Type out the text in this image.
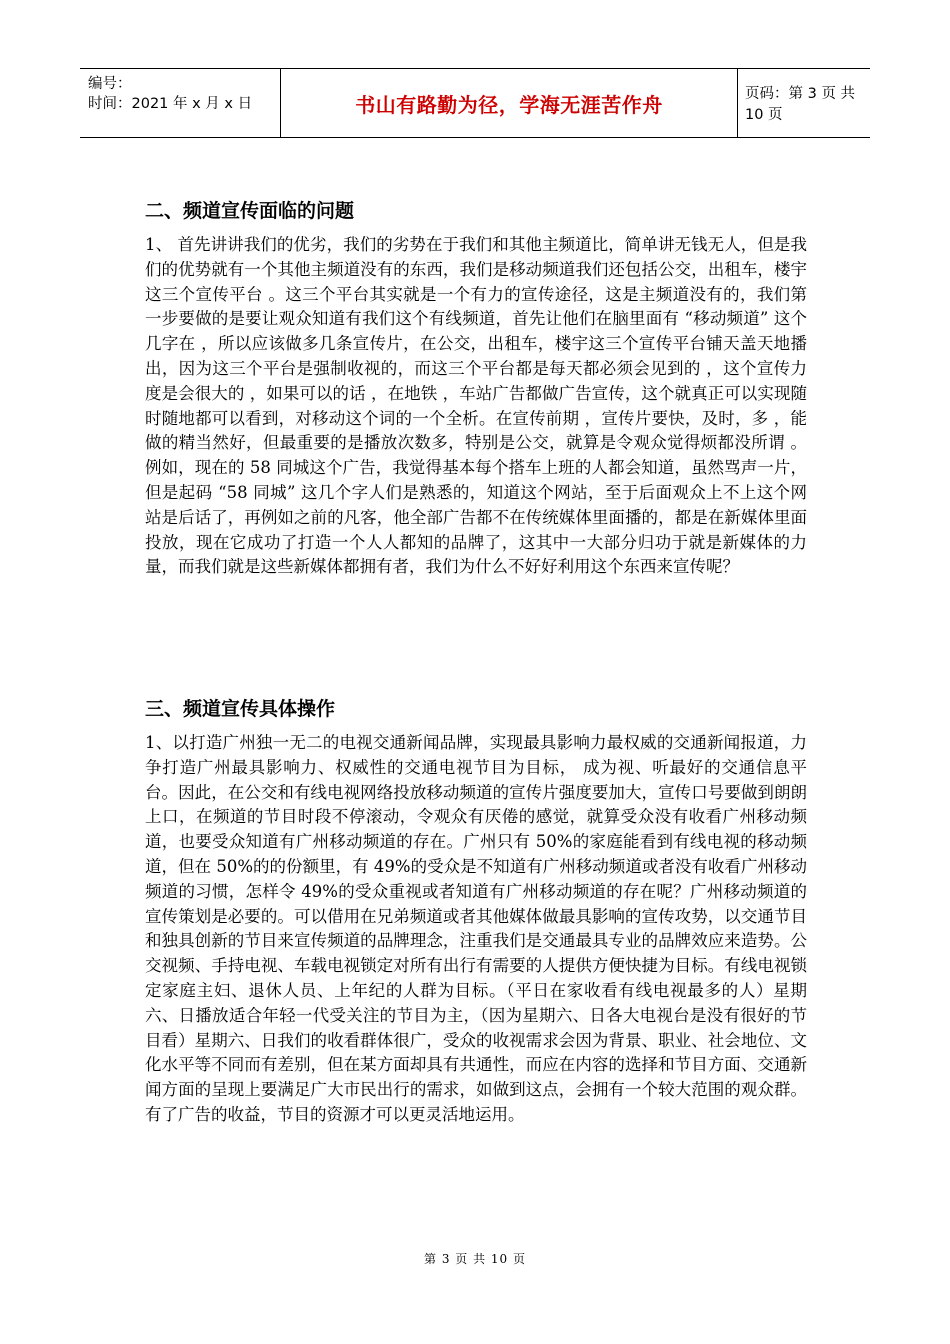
编号：
时间：2021 年 x 月 x 日	书山有路勤为径，学海无涯苦作舟	页码：第 3 页 共 10 页
二、频道宣传面临的问题

1、 首先讲讲我们的优劣，我们的劣势在于我们和其他主频道比，简单讲无钱无人，但是我们的优势就有一个其他主频道没有的东西，我们是移动频道我们还包括公交，出租车，楼宇这三个宣传平台 。这三个平台其实就是一个有力的宣传途径，这是主频道没有的，我们第一步要做的是要让观众知道有我们这个有线频道，首先让他们在脑里面有 “移动频道” 这个几字在 ，所以应该做多几条宣传片，在公交，出租车，楼宇这三个宣传平台铺天盖天地播出，因为这三个平台是强制收视的，而这三个平台都是每天都必须会见到的 ，这个宣传力度是会很大的 ，如果可以的话 ，在地铁 ，车站广告都做广告宣传，这个就真正可以实现随时随地都可以看到，对移动这个词的一个全析。在宣传前期 ，宣传片要快，及时，多 ，能做的精当然好，但最重要的是播放次数多，特别是公交，就算是令观众觉得烦都没所谓 。例如，现在的 58 同城这个广告，我觉得基本每个搭车上班的人都会知道，虽然骂声一片，但是起码 “58 同城” 这几个字人们是熟悉的，知道这个网站，至于后面观众上不上这个网站是后话了，再例如之前的凡客，他全部广告都不在传统媒体里面播的，都是在新媒体里面投放，现在它成功了打造一个人人都知的品牌了，这其中一大部分归功于就是新媒体的力量，而我们就是这些新媒体都拥有者，我们为什么不好好利用这个东西来宣传呢？

三、频道宣传具体操作

1、以打造广州独一无二的电视交通新闻品牌，实现最具影响力最权威的交通新闻报道，力争打造广州最具影响力、权威性的交通电视节目为目标， 成为视、听最好的交通信息平台。因此，在公交和有线电视网络投放移动频道的宣传片强度要加大，宣传口号要做到朗朗上口，在频道的节目时段不停滚动，令观众有厌倦的感觉，就算受众没有收看广州移动频道，也要受众知道有广州移动频道的存在。广州只有 50%的家庭能看到有线电视的移动频道，但在 50%的的份额里，有 49%的受众是不知道有广州移动频道或者没有收看广州移动频道的习惯，怎样令 49%的受众重视或者知道有广州移动频道的存在呢？广州移动频道的宣传策划是必要的。可以借用在兄弟频道或者其他媒体做最具影响的宣传攻势，以交通节目和独具创新的节目来宣传频道的品牌理念，注重我们是交通最具专业的品牌效应来造势。公交视频、手持电视、车载电视锁定对所有出行有需要的人提供方便快捷为目标。有线电视锁定家庭主妇、退休人员、上年纪的人群为目标。（平日在家收看有线电视最多的人）星期六、日播放适合年轻一代受关注的节目为主，（因为星期六、日各大电视台是没有很好的节目看）星期六、日我们的收看群体很广，受众的收视需求会因为背景、职业、社会地位、文化水平等不同而有差别，但在某方面却具有共通性，而应在内容的选择和节目方面、交通新闻方面的呈现上要满足广大市民出行的需求，如做到这点，会拥有一个较大范围的观众群。有了广告的收益，节目的资源才可以更灵活地运用。

第 3 页 共 10 页
